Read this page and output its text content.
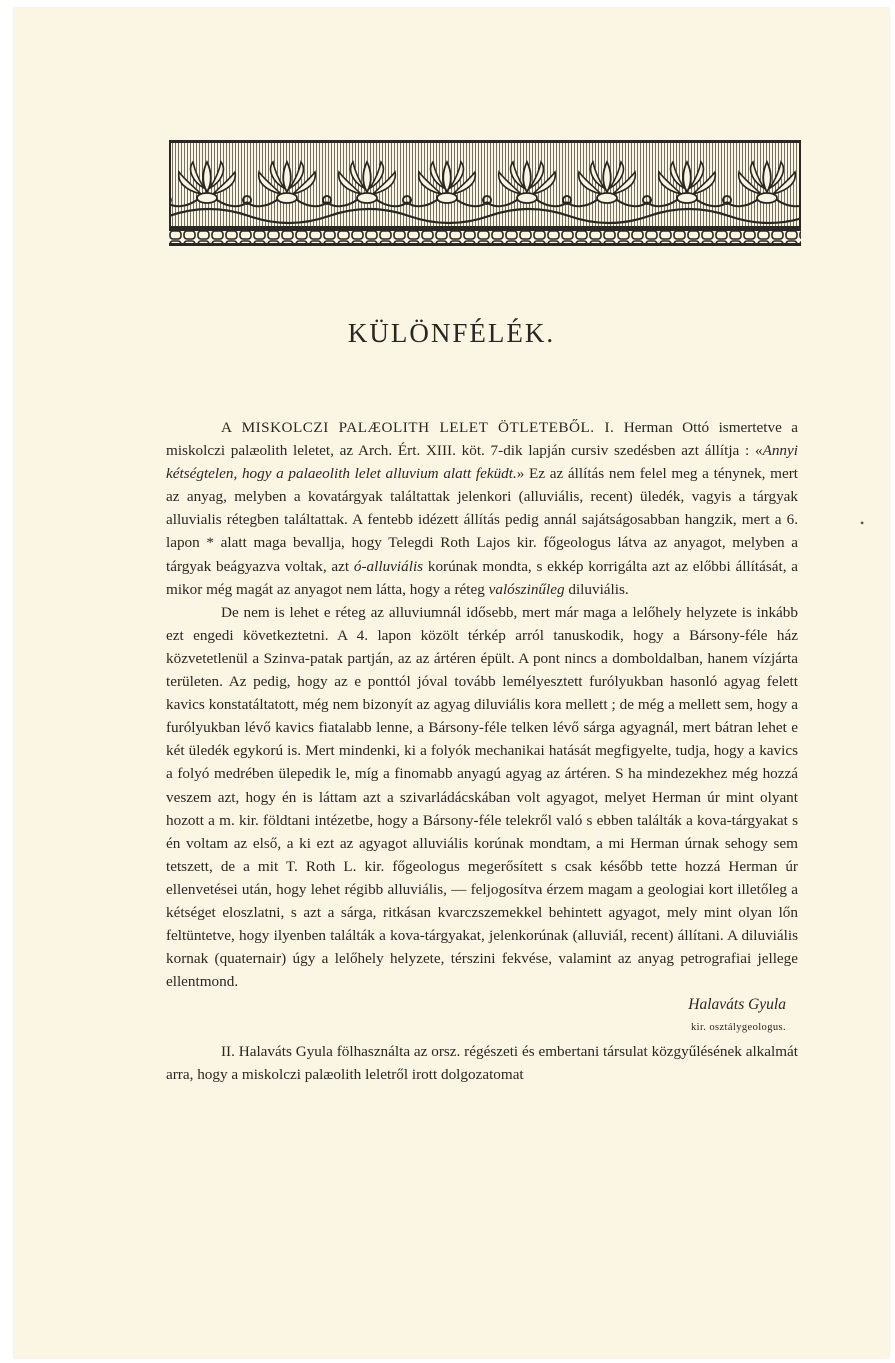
KÜLÖNFÉLÉK.

A MISKOLCZI PALÆOLITH LELET ÖTLETEBŐL. I. Herman Ottó ismertetve a miskolczi palæolith leletet, az Arch. Ért. XIII. köt. 7-dik lapján cursiv szedésben azt állítja : «Annyi kétségtelen, hogy a palaeolith lelet alluvium alatt feküdt.» Ez az állítás nem felel meg a ténynek, mert az anyag, melyben a kovatárgyak találtattak jelenkori (alluviális, recent) üledék, vagyis a tárgyak alluvialis rétegben találtattak. A fentebb idézett állítás pedig annál sajátságosabban hangzik, mert a 6. lapon * alatt maga bevallja, hogy Telegdi Roth Lajos kir. főgeologus látva az anyagot, melyben a tárgyak beágyazva voltak, azt ó-alluviális korúnak mondta, s ekkép korrigálta azt az előbbi állítását, a mikor még magát az anyagot nem látta, hogy a réteg valószinűleg diluviális.

De nem is lehet e réteg az alluviumnál idősebb, mert már maga a lelőhely helyzete is inkább ezt engedi következtetni. A 4. lapon közölt térkép arról tanuskodik, hogy a Bársony-féle ház közvetetlenül a Szinva-patak partján, az az ártéren épült. A pont nincs a domboldalban, hanem vízjárta területen. Az pedig, hogy az e ponttól jóval tovább lemélyesztett furólyukban hasonló agyag felett kavics konstatáltatott, még nem bizonyít az agyag diluviális kora mellett ; de még a mellett sem, hogy a furólyukban lévő kavics fiatalabb lenne, a Bársony-féle telken lévő sárga agyagnál, mert bátran lehet e két üledék egykorú is. Mert mindenki, ki a folyók mechanikai hatását megfigyelte, tudja, hogy a kavics a folyó medrében ülepedik le, míg a finomabb anyagú agyag az ártéren. S ha mindezekhez még hozzá veszem azt, hogy én is láttam azt a szivarládácskában volt agyagot, melyet Herman úr mint olyant hozott a m. kir. földtani intézetbe, hogy a Bársony-féle telekről való s ebben találták a kova-tárgyakat s én voltam az első, a ki ezt az agyagot alluviális korúnak mondtam, a mi Herman úrnak sehogy sem tetszett, de a mit T. Roth L. kir. főgeologus megerősített s csak később tette hozzá Herman úr ellenvetései után, hogy lehet régibb alluviális, — feljogosítva érzem magam a geologiai kort illetőleg a kétséget eloszlatni, s azt a sárga, ritkásan kvarczszemekkel behintett agyagot, mely mint olyan lőn feltüntetve, hogy ilyenben találták a kova-tárgyakat, jelenkorúnak (alluviál, recent) állítani. A diluviális kornak (quaternair) úgy a lelőhely helyzete, térszini fekvése, valamint az anyag petrografiai jellege ellentmond.

Halaváts Gyula

kir. osztálygeologus.

II. Halaváts Gyula fölhasználta az orsz. régészeti és embertani társulat közgyűlésének alkalmát arra, hogy a miskolczi palæolith leletről irott dolgozatomat

•
